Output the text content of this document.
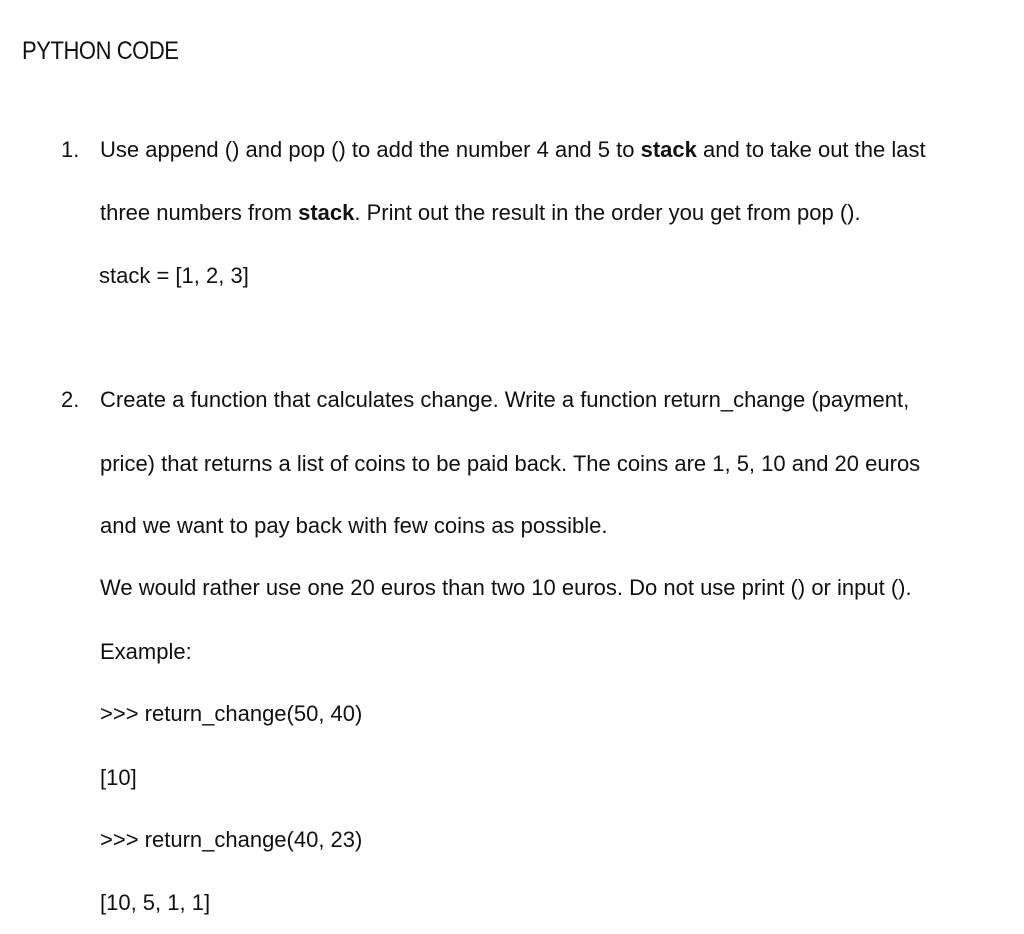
PYTHON CODE
1. Use append () and pop () to add the number 4 and 5 to stack and to take out the last
three numbers from stack. Print out the result in the order you get from pop ().
stack = [1, 2, 3]
2. Create a function that calculates change. Write a function return_change (payment,
price) that returns a list of coins to be paid back. The coins are 1, 5, 10 and 20 euros
and we want to pay back with few coins as possible.
We would rather use one 20 euros than two 10 euros. Do not use print () or input ().
Example:
>>> return_change(50, 40)
[10]
>>> return_change(40, 23)
[10, 5, 1, 1]
